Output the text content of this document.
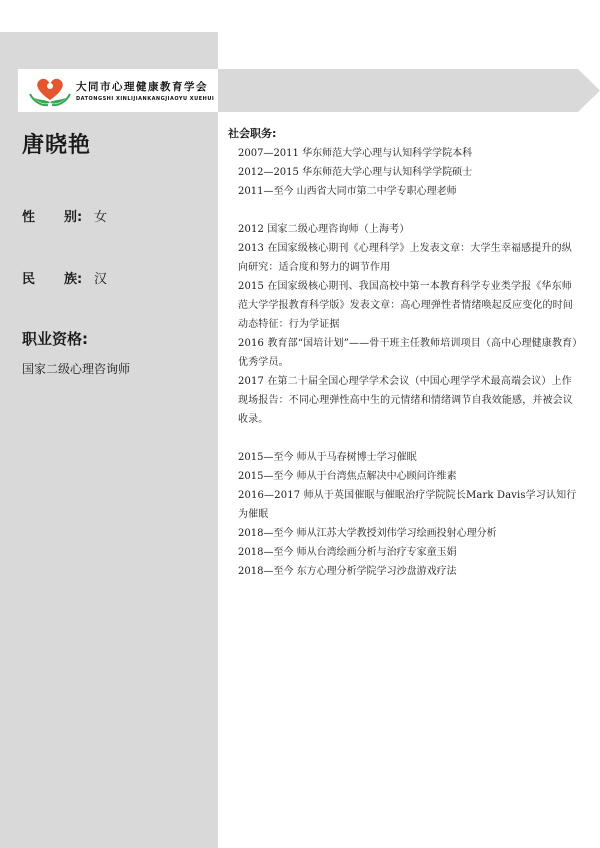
大同市心理健康教育学会
DATONGSHI XINLIJIANKANGJIAOYU XUEHUI
唐晓艳
性 别: 女
民 族: 汉
职业资格:
国家二级心理咨询师
社会职务:
2007—2011 华东师范大学心理与认知科学学院本科
2012—2015 华东师范大学心理与认知科学学院硕士
2011—至今 山西省大同市第二中学专职心理老师
2012 国家二级心理咨询师（上海考）
2013 在国家级核心期刊《心理科学》上发表文章：大学生幸福感提升的纵向研究：适合度和努力的调节作用
2015 在国家级核心期刊、我国高校中第一本教育科学专业类学报《华东师范大学学报教育科学版》发表文章：高心理弹性者情绪唤起反应变化的时间动态特征：行为学证据
2016 教育部“国培计划”——骨干班主任教师培训项目（高中心理健康教育）优秀学员。
2017 在第二十届全国心理学学术会议（中国心理学学术最高端会议）上作现场报告：不同心理弹性高中生的元情绪和情绪调节自我效能感，并被会议收录。
2015—至今 师从于马春树博士学习催眠
2015—至今 师从于台湾焦点解决中心顾问许维素
2016—2017 师从于英国催眠与催眠治疗学院院长Mark Davis学习认知行为催眠
2018—至今 师从江苏大学教授刘伟学习绘画投射心理分析
2018—至今 师从台湾绘画分析与治疗专家童玉娟
2018—至今 东方心理分析学院学习沙盘游戏疗法
